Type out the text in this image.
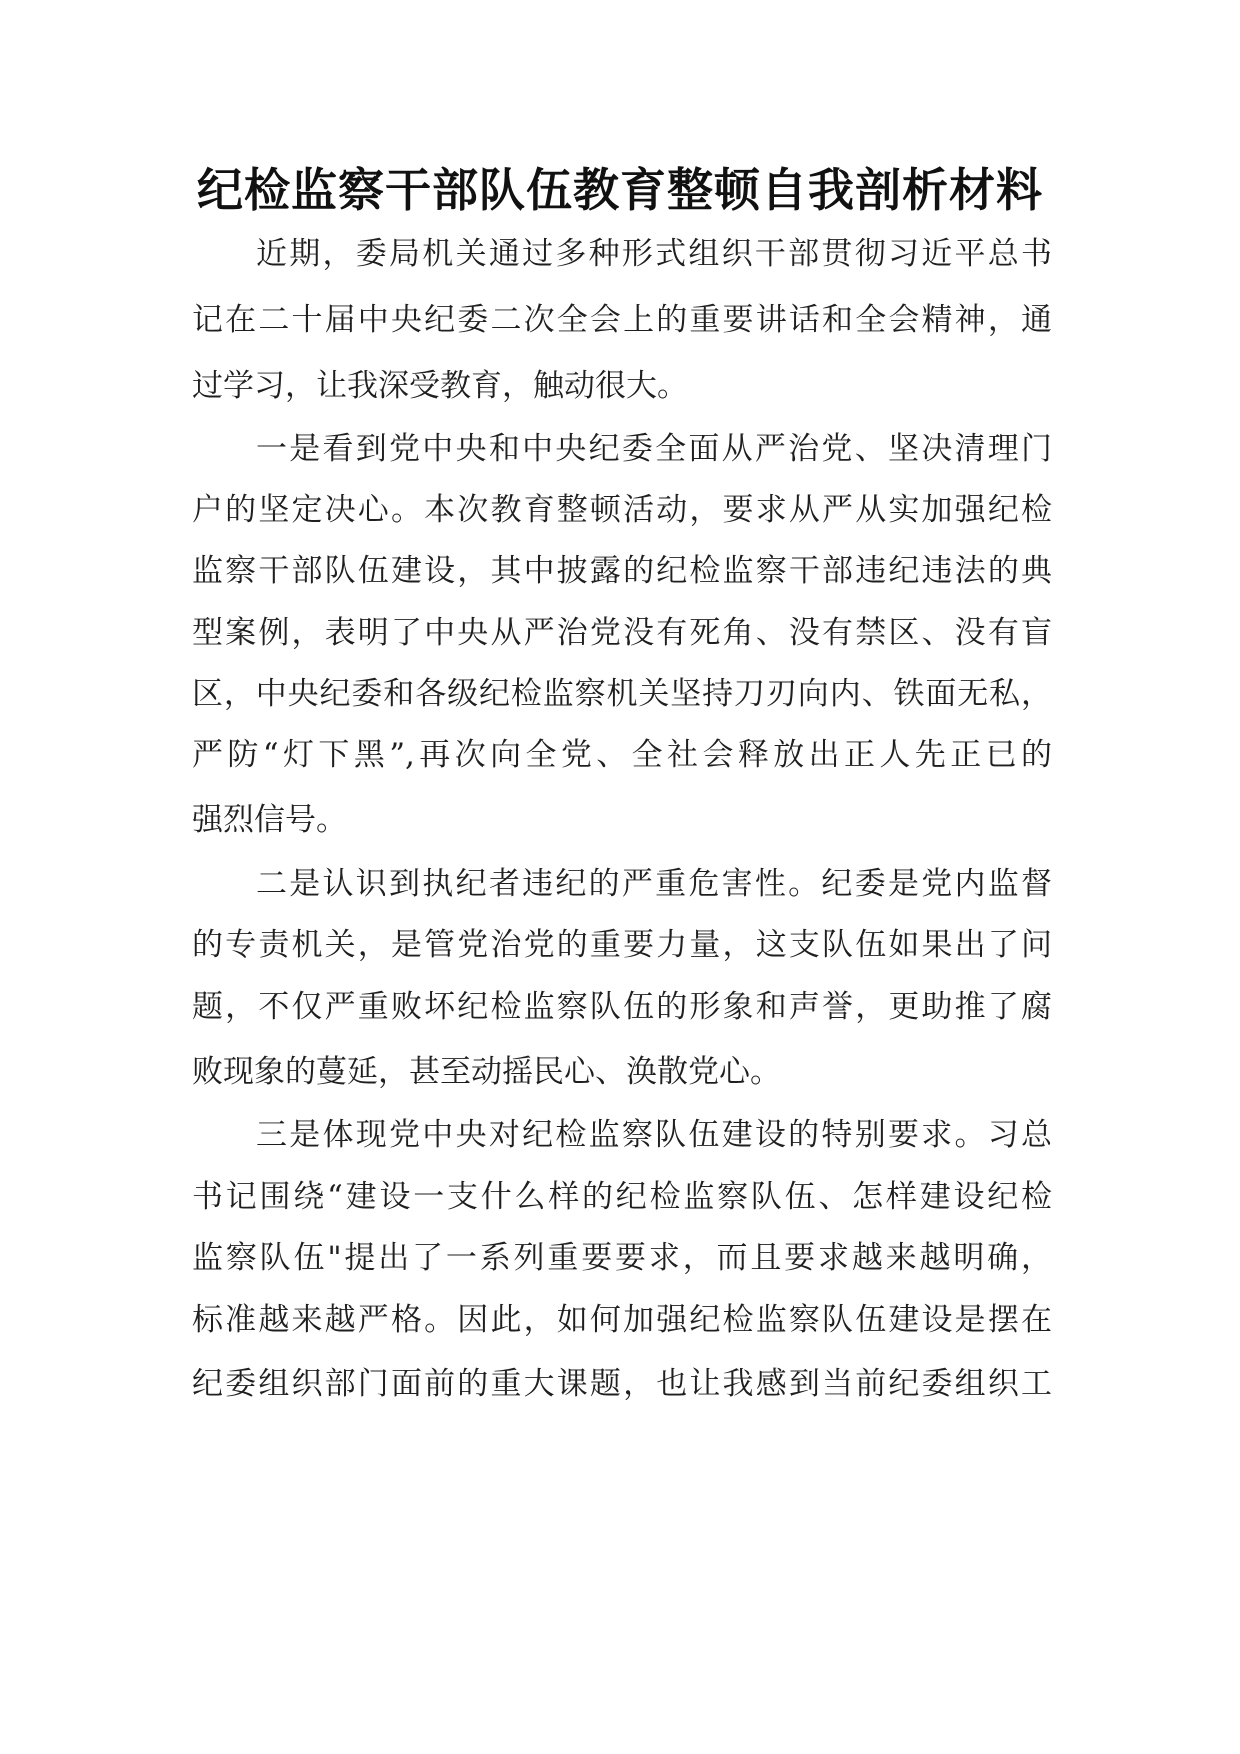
纪检监察干部队伍教育整顿自我剖析材料
近期，委局机关通过多种形式组织干部贯彻习近平总书
记在二十届中央纪委二次全会上的重要讲话和全会精神，通
过学习，让我深受教育，触动很大。
一是看到党中央和中央纪委全面从严治党、坚决清理门
户的坚定决心。本次教育整顿活动，要求从严从实加强纪检
监察干部队伍建设，其中披露的纪检监察干部违纪违法的典
型案例，表明了中央从严治党没有死角、没有禁区、没有盲
区，中央纪委和各级纪检监察机关坚持刀刃向内、铁面无私，
严防“灯下黑”,再次向全党、全社会释放出正人先正已的
强烈信号。
二是认识到执纪者违纪的严重危害性。纪委是党内监督
的专责机关，是管党治党的重要力量，这支队伍如果出了问
题，不仅严重败坏纪检监察队伍的形象和声誉，更助推了腐
败现象的蔓延，甚至动摇民心、涣散党心。
三是体现党中央对纪检监察队伍建设的特别要求。习总
书记围绕“建设一支什么样的纪检监察队伍、怎样建设纪检
监察队伍"提出了一系列重要要求，而且要求越来越明确，
标准越来越严格。因此，如何加强纪检监察队伍建设是摆在
纪委组织部门面前的重大课题，也让我感到当前纪委组织工
